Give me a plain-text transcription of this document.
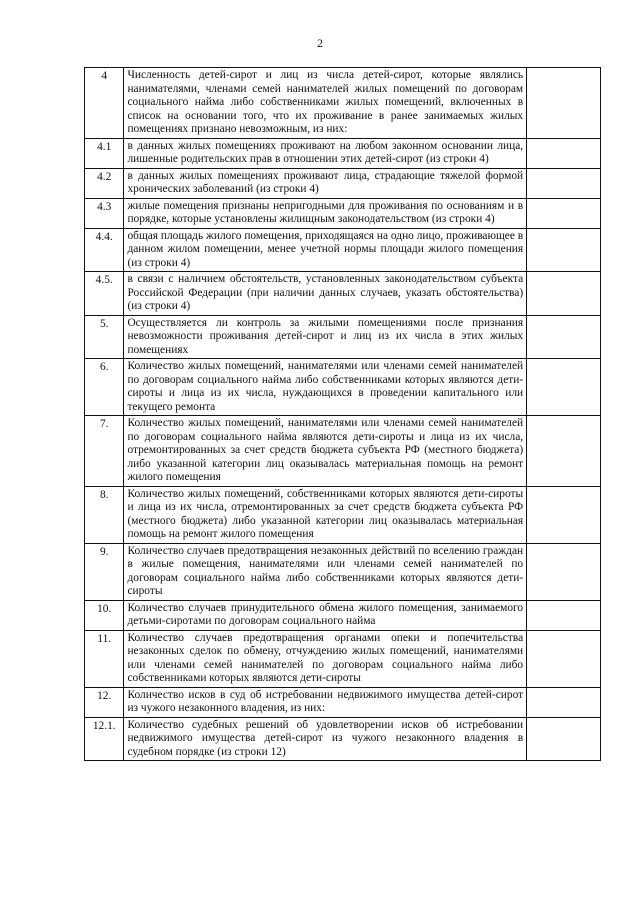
2
4	Численность детей-сирот и лиц из числа детей-сирот, которые являлись нанимателями, членами семей нанимателей жилых помещений по договорам социального найма либо собственниками жилых помещений, включенных в список на основании того, что их проживание в ранее занимаемых жилых помещениях признано невозможным, из них:	
4.1	в данных жилых помещениях проживают на любом законном основании лица, лишенные родительских прав в отношении этих детей-сирот (из строки 4)	
4.2	в данных жилых помещениях проживают лица, страдающие тяжелой формой хронических заболеваний (из строки 4)	
4.3	жилые помещения признаны непригодными для проживания по основаниям и в порядке, которые установлены жилищным законодательством (из строки 4)	
4.4.	общая площадь жилого помещения, приходящаяся на одно лицо, проживающее в данном жилом помещении, менее учетной нормы площади жилого помещения (из строки 4)	
4.5.	в связи с наличием обстоятельств, установленных законодательством субъекта Российской Федерации (при наличии данных случаев, указать обстоятельства) (из строки 4)	
5.	Осуществляется ли контроль за жилыми помещениями после признания невозможности проживания детей-сирот и лиц из их числа в этих жилых помещениях	
6.	Количество жилых помещений, нанимателями или членами семей нанимателей по договорам социального найма либо собственниками которых являются дети-сироты и лица из их числа, нуждающихся в проведении капитального или текущего ремонта	
7.	Количество жилых помещений, нанимателями или членами семей нанимателей по договорам социального найма являются дети-сироты и лица из их числа, отремонтированных за счет средств бюджета субъекта РФ (местного бюджета) либо указанной категории лиц оказывалась материальная помощь на ремонт жилого помещения	
8.	Количество жилых помещений, собственниками которых являются дети-сироты и лица из их числа, отремонтированных за счет средств бюджета субъекта РФ (местного бюджета) либо указанной категории лиц оказывалась материальная помощь на ремонт жилого помещения	
9.	Количество случаев предотвращения незаконных действий по вселению граждан в жилые помещения, нанимателями или членами семей нанимателей по договорам социального найма либо собственниками которых являются дети-сироты	
10.	Количество случаев принудительного обмена жилого помещения, занимаемого детьми-сиротами по договорам социального найма	
11.	Количество случаев предотвращения органами опеки и попечительства незаконных сделок по обмену, отчуждению жилых помещений, нанимателями или членами семей нанимателей по договорам социального найма либо собственниками которых являются дети-сироты	
12.	Количество исков в суд об истребовании недвижимого имущества детей-сирот из чужого незаконного владения, из них:	
12.1.	Количество судебных решений об удовлетворении исков об истребовании недвижимого имущества детей-сирот из чужого незаконного владения в судебном порядке (из строки 12)	
